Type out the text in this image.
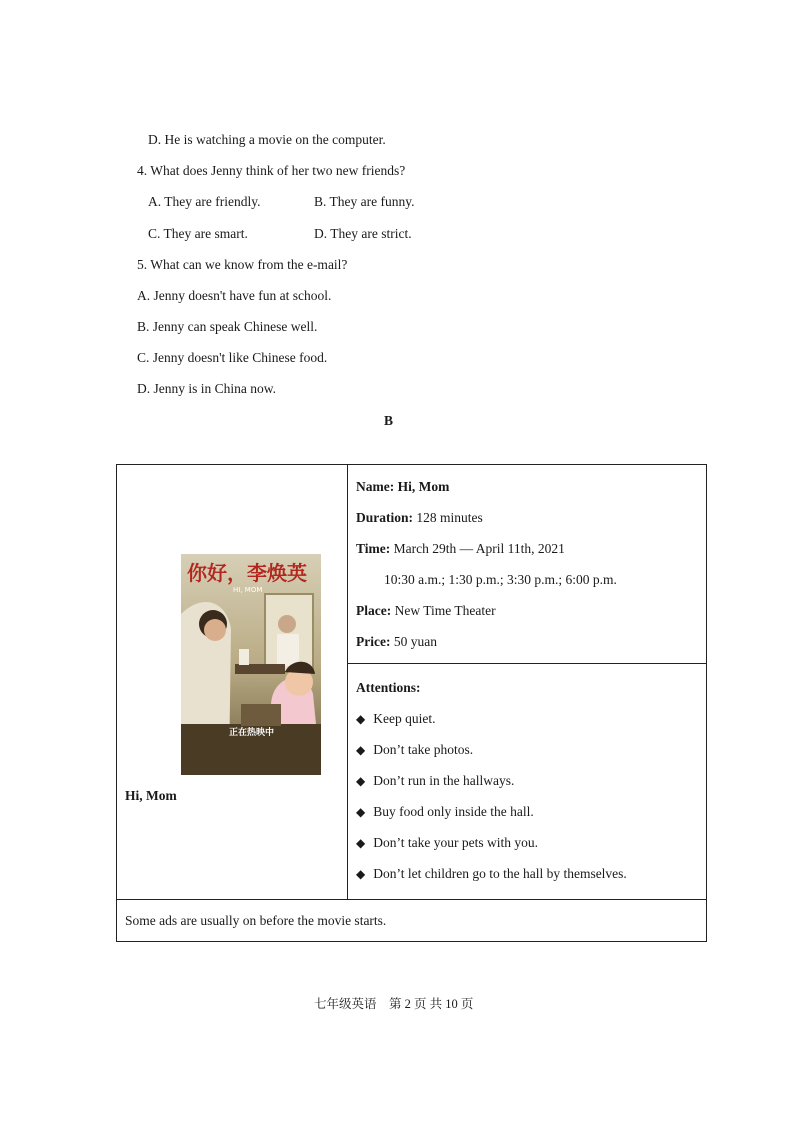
D. He is watching a movie on the computer.
4. What does Jenny think of her two new friends?
A. They are friendly.	B. They are funny.
C. They are smart.	D. They are strict.
5. What can we know from the e-mail?
A. Jenny doesn't have fun at school.
B. Jenny can speak Chinese well.
C. Jenny doesn't like Chinese food.
D. Jenny is in China now.
B
你好，李焕英
HI, MOM
正在热映中
Hi, Mom

Name: Hi, Mom
Duration: 128 minutes
Time: March 29th — April 11th, 2021
10:30 a.m.; 1:30 p.m.; 3:30 p.m.; 6:00 p.m.
Place: New Time Theater
Price: 50 yuan

Attentions:
◆ Keep quiet.
◆ Don’t take photos.
◆ Don’t run in the hallways.
◆ Buy food only inside the hall.
◆ Don’t take your pets with you.
◆ Don’t let children go to the hall by themselves.

Some ads are usually on before the movie starts.
七年级英语　第 2 页 共 10 页
